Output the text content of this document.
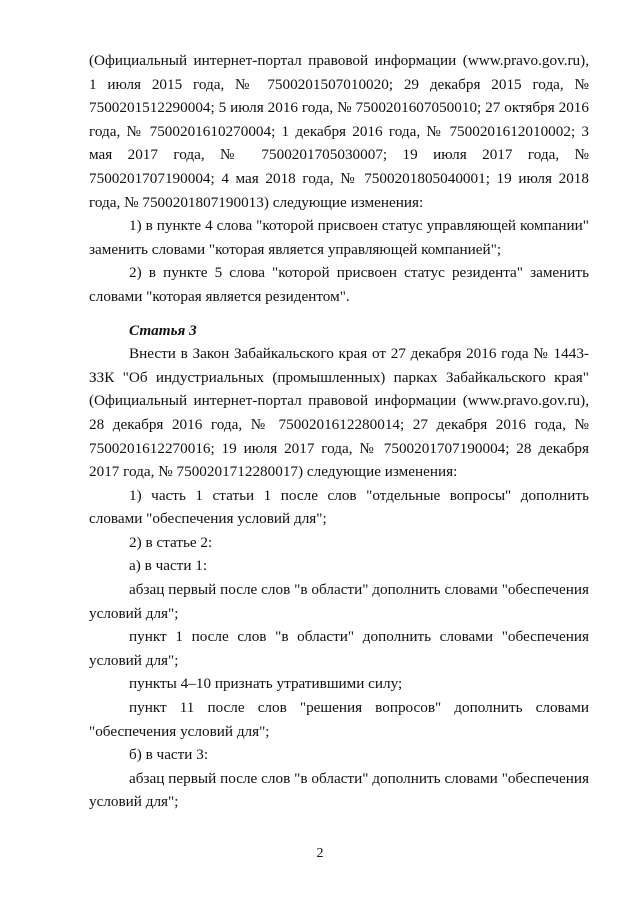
(Официальный интернет-портал правовой информации (www.pravo.gov.ru), 1 июля 2015 года, № 7500201507010020; 29 декабря 2015 года, № 7500201512290004; 5 июля 2016 года, № 7500201607050010; 27 октября 2016 года, № 7500201610270004; 1 декабря 2016 года, № 7500201612010002; 3 мая 2017 года, № 7500201705030007; 19 июля 2017 года, № 7500201707190004; 4 мая 2018 года, № 7500201805040001; 19 июля 2018 года, № 7500201807190013) следующие изменения:

1) в пункте 4 слова "которой присвоен статус управляющей компании" заменить словами "которая является управляющей компанией";

2) в пункте 5 слова "которой присвоен статус резидента" заменить словами "которая является резидентом".

Статья 3

Внести в Закон Забайкальского края от 27 декабря 2016 года № 1443-ЗЗК "Об индустриальных (промышленных) парках Забайкальского края" (Официальный интернет-портал правовой информации (www.pravo.gov.ru), 28 декабря 2016 года, № 7500201612280014; 27 декабря 2016 года, № 7500201612270016; 19 июля 2017 года, № 7500201707190004; 28 декабря 2017 года, № 7500201712280017) следующие изменения:

1) часть 1 статьи 1 после слов "отдельные вопросы" дополнить словами "обеспечения условий для";

2) в статье 2:

а) в части 1:

абзац первый после слов "в области" дополнить словами "обеспечения условий для";

пункт 1 после слов "в области" дополнить словами "обеспечения условий для";

пункты 4–10 признать утратившими силу;

пункт 11 после слов "решения вопросов" дополнить словами "обеспечения условий для";

б) в части 3:

абзац первый после слов "в области" дополнить словами "обеспечения условий для";

2
